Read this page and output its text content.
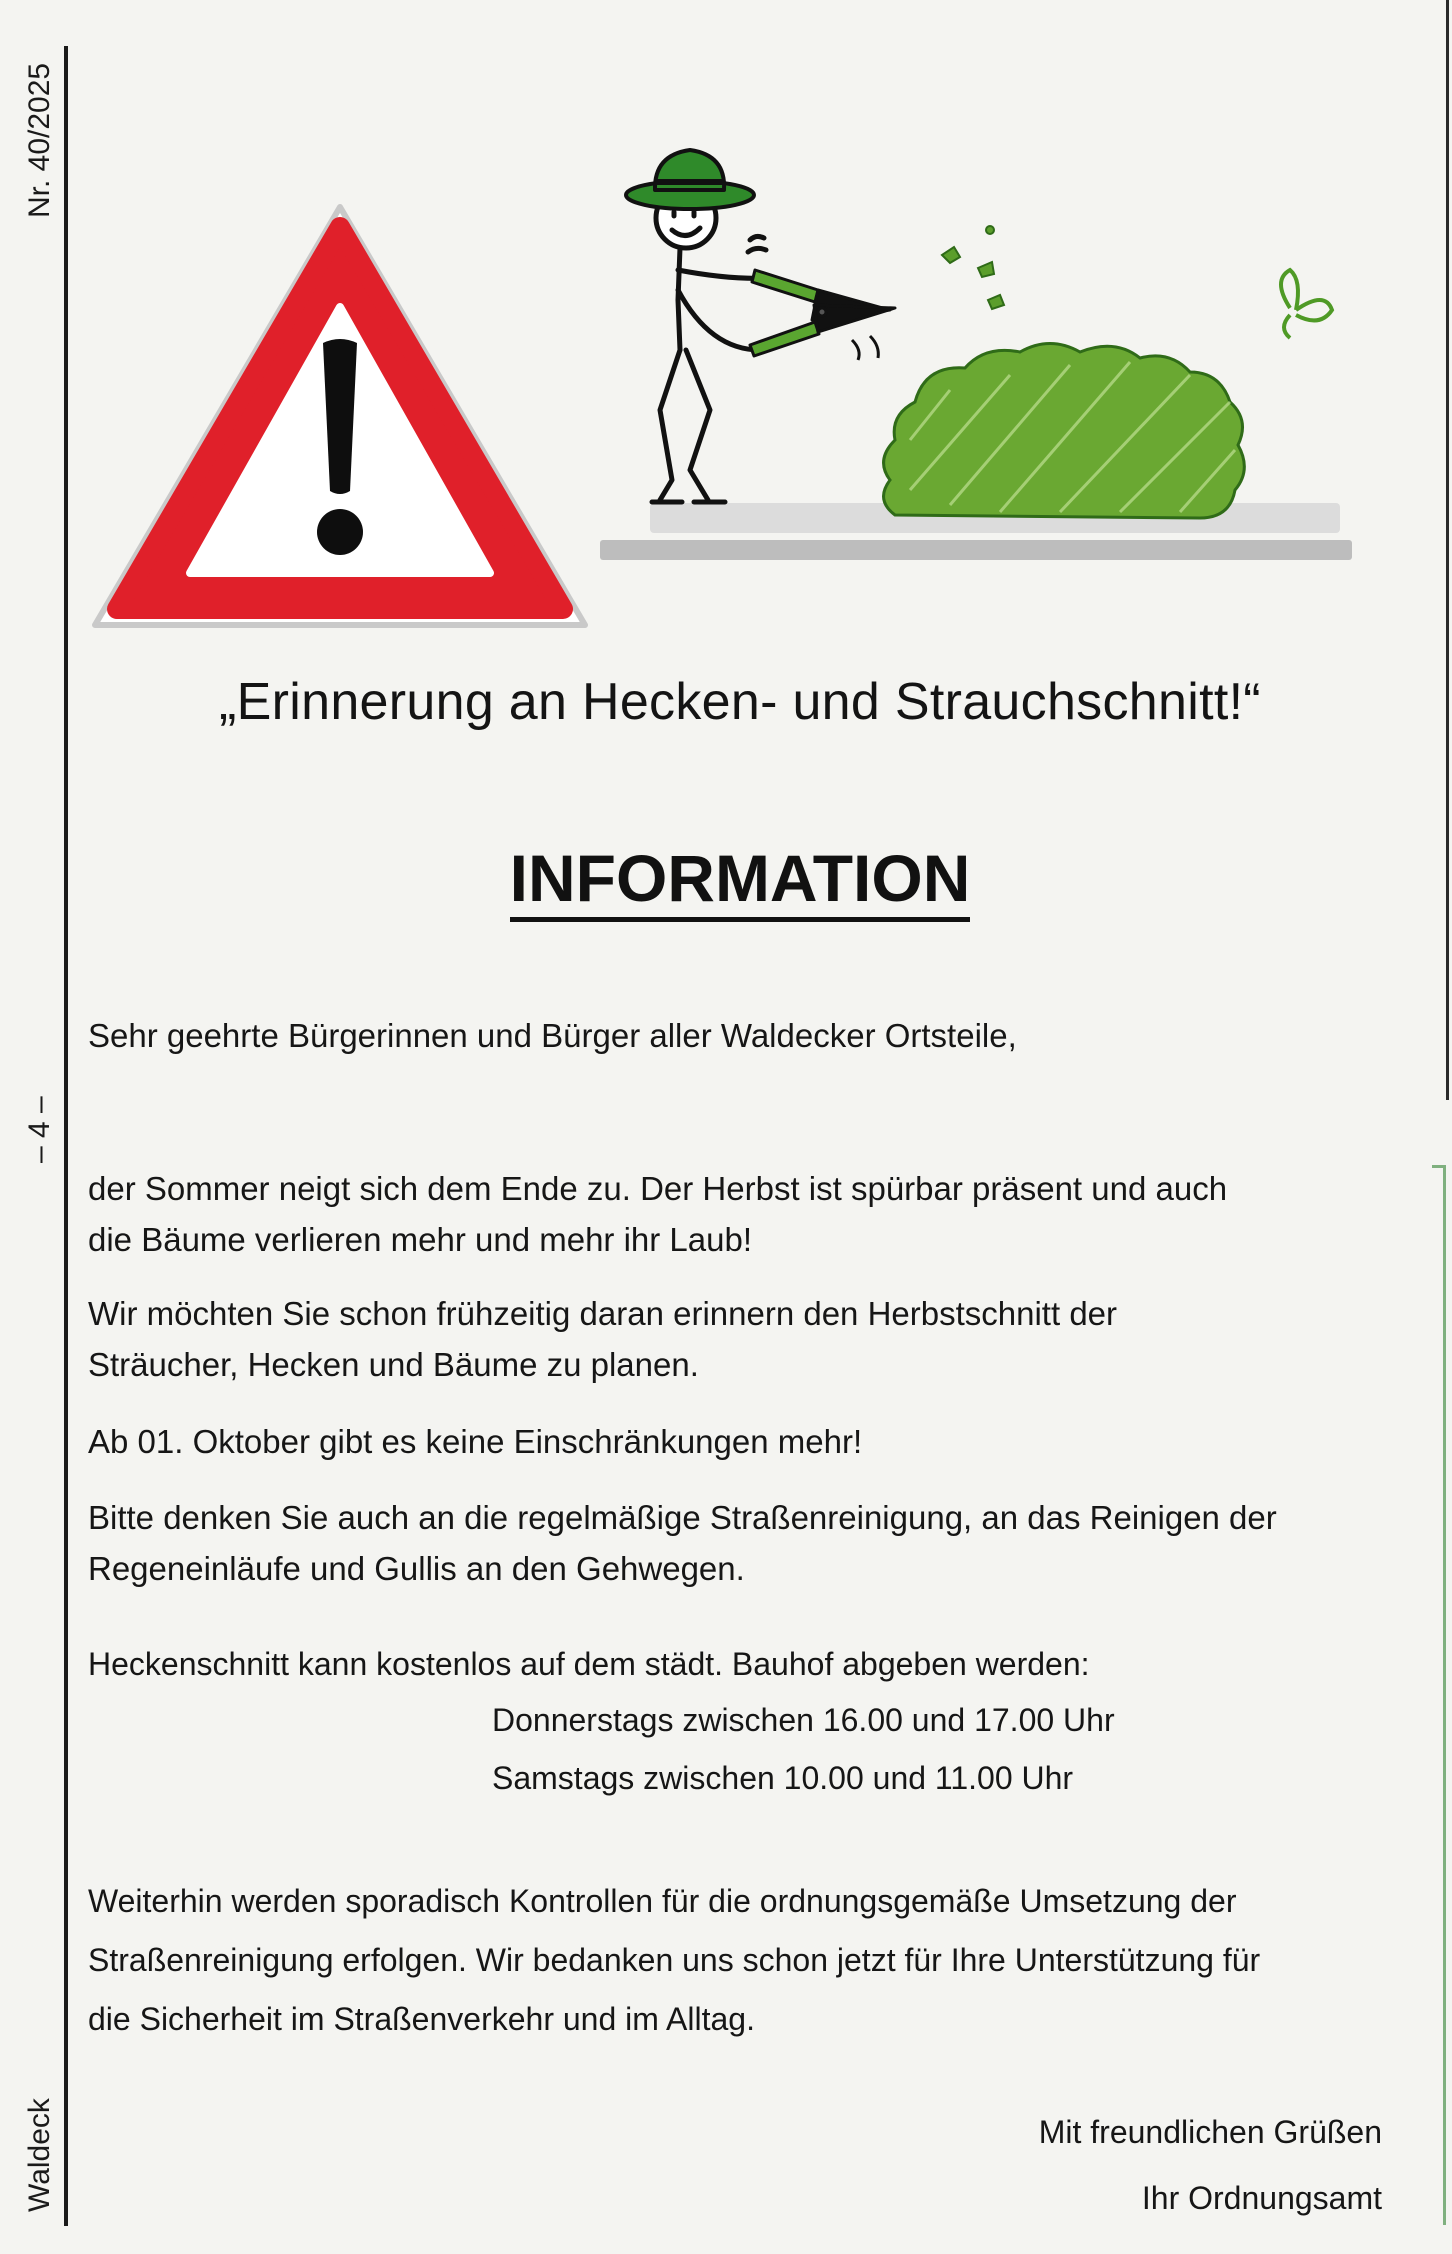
Nr. 40/2025
– 4 –
Waldeck
„Erinnerung an Hecken- und Strauchschnitt!“
INFORMATION

Sehr geehrte Bürgerinnen und Bürger aller Waldecker Ortsteile,

der Sommer neigt sich dem Ende zu. Der Herbst ist spürbar präsent und auch
die Bäume verlieren mehr und mehr ihr Laub!

Wir möchten Sie schon frühzeitig daran erinnern den Herbstschnitt der
Sträucher, Hecken und Bäume zu planen.

Ab 01. Oktober gibt es keine Einschränkungen mehr!

Bitte denken Sie auch an die regelmäßige Straßenreinigung, an das Reinigen der
Regeneinläufe und Gullis an den Gehwegen.

Heckenschnitt kann kostenlos auf dem städt. Bauhof abgeben werden:

Donnerstags zwischen 16.00 und 17.00 Uhr
Samstags zwischen 10.00 und 11.00 Uhr

Weiterhin werden sporadisch Kontrollen für die ordnungsgemäße Umsetzung der
Straßenreinigung erfolgen. Wir bedanken uns schon jetzt für Ihre Unterstützung für
die Sicherheit im Straßenverkehr und im Alltag.

Mit freundlichen Grüßen
Ihr Ordnungsamt
